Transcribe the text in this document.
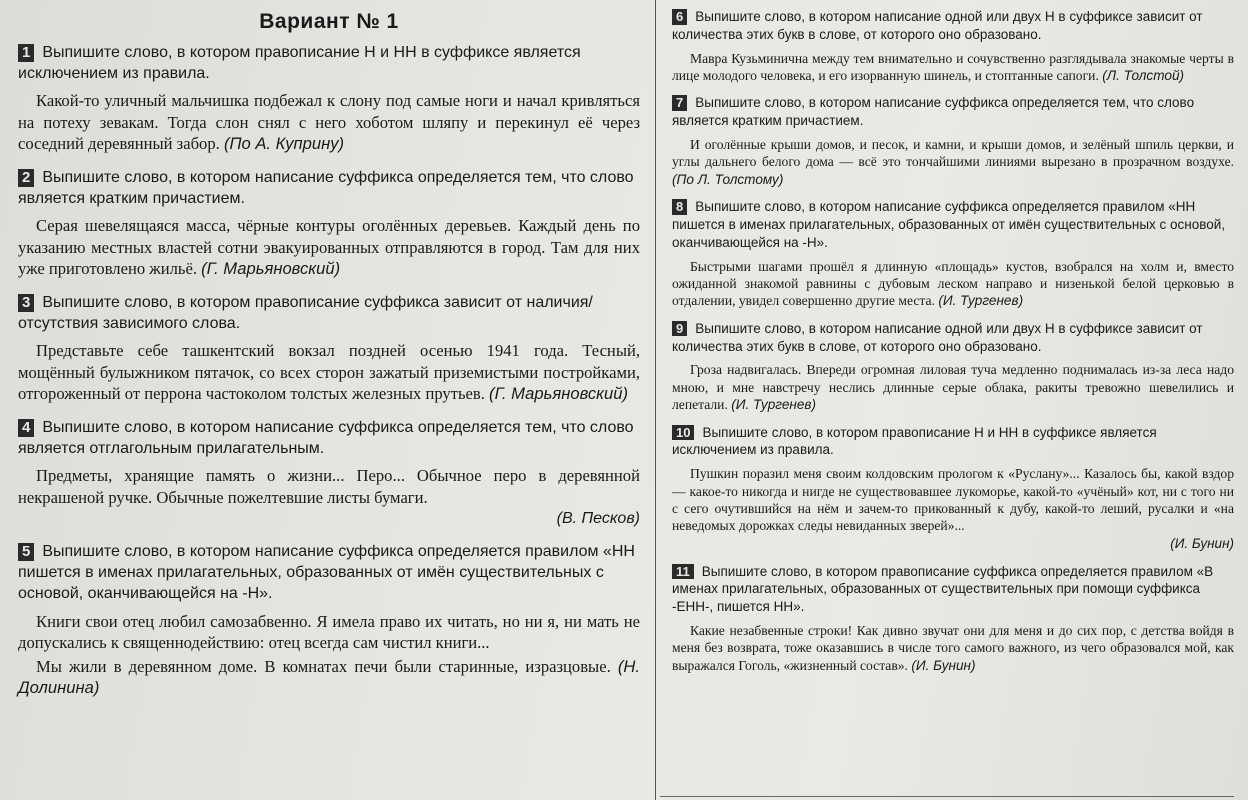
Вариант № 1

1 Выпишите слово, в котором правописание Н и НН в суффиксе является исключением из правила.

Какой-то уличный мальчишка подбежал к слону под самые ноги и начал кривляться на потеху зевакам. Тогда слон снял с него хоботом шляпу и перекинул её через соседний деревянный забор. (По А. Куприну)

2 Выпишите слово, в котором написание суффикса определяется тем, что слово является кратким причастием.

Серая шевелящаяся масса, чёрные контуры оголённых деревьев. Каждый день по указанию местных властей сотни эвакуированных отправляются в город. Там для них уже приготовлено жильё. (Г. Марьяновский)

3 Выпишите слово, в котором правописание суффикса зависит от наличия/отсутствия зависимого слова.

Представьте себе ташкентский вокзал поздней осенью 1941 года. Тесный, мощённый булыжником пятачок, со всех сторон зажатый приземистыми постройками, отгороженный от перрона частоколом толстых железных прутьев. (Г. Марьяновский)

4 Выпишите слово, в котором написание суффикса определяется тем, что слово является отглагольным прилагательным.

Предметы, хранящие память о жизни... Перо... Обычное перо в деревянной некрашеной ручке. Обычные пожелтевшие листы бумаги.

(В. Песков)

5 Выпишите слово, в котором написание суффикса определяется правилом «НН пишется в именах прилагательных, образованных от имён существительных с основой, оканчивающейся на -Н».

Книги свои отец любил самозабвенно. Я имела право их читать, но ни я, ни мать не допускались к священнодействию: отец всегда сам чистил книги...

Мы жили в деревянном доме. В комнатах печи были старинные, изразцовые. (Н. Долинина)

6 Выпишите слово, в котором написание одной или двух Н в суффиксе зависит от количества этих букв в слове, от которого оно образовано.

Мавра Кузьминична между тем внимательно и сочувственно разглядывала знакомые черты в лице молодого человека, и его изорванную шинель, и стоптанные сапоги. (Л. Толстой)

7 Выпишите слово, в котором написание суффикса определяется тем, что слово является кратким причастием.

И оголённые крыши домов, и песок, и камни, и крыши домов, и зелёный шпиль церкви, и углы дальнего белого дома — всё это тончайшими линиями вырезано в прозрачном воздухе. (По Л. Толстому)

8 Выпишите слово, в котором написание суффикса определяется правилом «НН пишется в именах прилагательных, образованных от имён существительных с основой, оканчивающейся на -Н».

Быстрыми шагами прошёл я длинную «площадь» кустов, взобрался на холм и, вместо ожиданной знакомой равнины с дубовым леском направо и низенькой белой церковью в отдалении, увидел совершенно другие места. (И. Тургенев)

9 Выпишите слово, в котором написание одной или двух Н в суффиксе зависит от количества этих букв в слове, от которого оно образовано.

Гроза надвигалась. Впереди огромная лиловая туча медленно поднималась из-за леса надо мною, и мне навстречу неслись длинные серые облака, ракиты тревожно шевелились и лепетали. (И. Тургенев)

10 Выпишите слово, в котором правописание Н и НН в суффиксе является исключением из правила.

Пушкин поразил меня своим колдовским прологом к «Руслану»... Казалось бы, какой вздор — какое-то никогда и нигде не существовавшее лукоморье, какой-то «учёный» кот, ни с того ни с сего очутившийся на нём и зачем-то прикованный к дубу, какой-то леший, русалки и «на неведомых дорожках следы невиданных зверей»...

(И. Бунин)

11 Выпишите слово, в котором правописание суффикса определяется правилом «В именах прилагательных, образованных от существительных при помощи суффикса -ЕНН-, пишется НН».

Какие незабвенные строки! Как дивно звучат они для меня и до сих пор, с детства войдя в меня без возврата, тоже оказавшись в числе того самого важного, из чего образовался мой, как выражался Гоголь, «жизненный состав». (И. Бунин)
